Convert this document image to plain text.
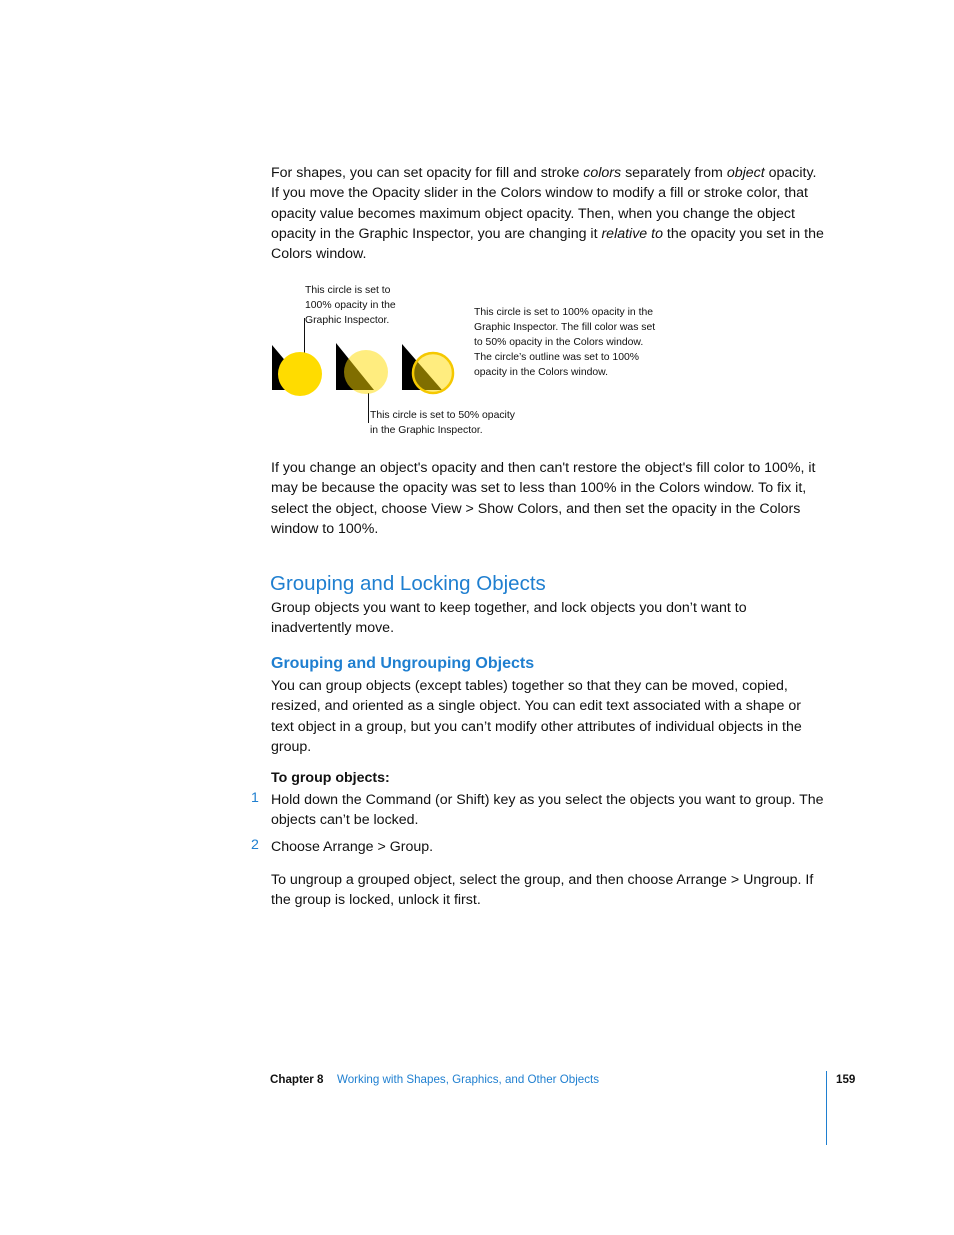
For shapes, you can set opacity for fill and stroke colors separately from object opacity. If you move the Opacity slider in the Colors window to modify a fill or stroke color, that opacity value becomes maximum object opacity. Then, when you change the object opacity in the Graphic Inspector, you are changing it relative to the opacity you set in the Colors window.
This circle is set to
100% opacity in the
Graphic Inspector.
This circle is set to 100% opacity in the
Graphic Inspector. The fill color was set
to 50% opacity in the Colors window.
The circle’s outline was set to 100%
opacity in the Colors window.
This circle is set to 50% opacity
in the Graphic Inspector.
If you change an object's opacity and then can't restore the object's fill color to 100%, it may be because the opacity was set to less than 100% in the Colors window. To fix it, select the object, choose View > Show Colors, and then set the opacity in the Colors window to 100%.
Grouping and Locking Objects
Group objects you want to keep together, and lock objects you don’t want to inadvertently move.
Grouping and Ungrouping Objects
You can group objects (except tables) together so that they can be moved, copied, resized, and oriented as a single object. You can edit text associated with a shape or text object in a group, but you can’t modify other attributes of individual objects in the group.
To group objects:
1 Hold down the Command (or Shift) key as you select the objects you want to group. The objects can’t be locked.
2 Choose Arrange > Group.
To ungroup a grouped object, select the group, and then choose Arrange > Ungroup. If the group is locked, unlock it first.
Chapter 8 Working with Shapes, Graphics, and Other Objects	159
